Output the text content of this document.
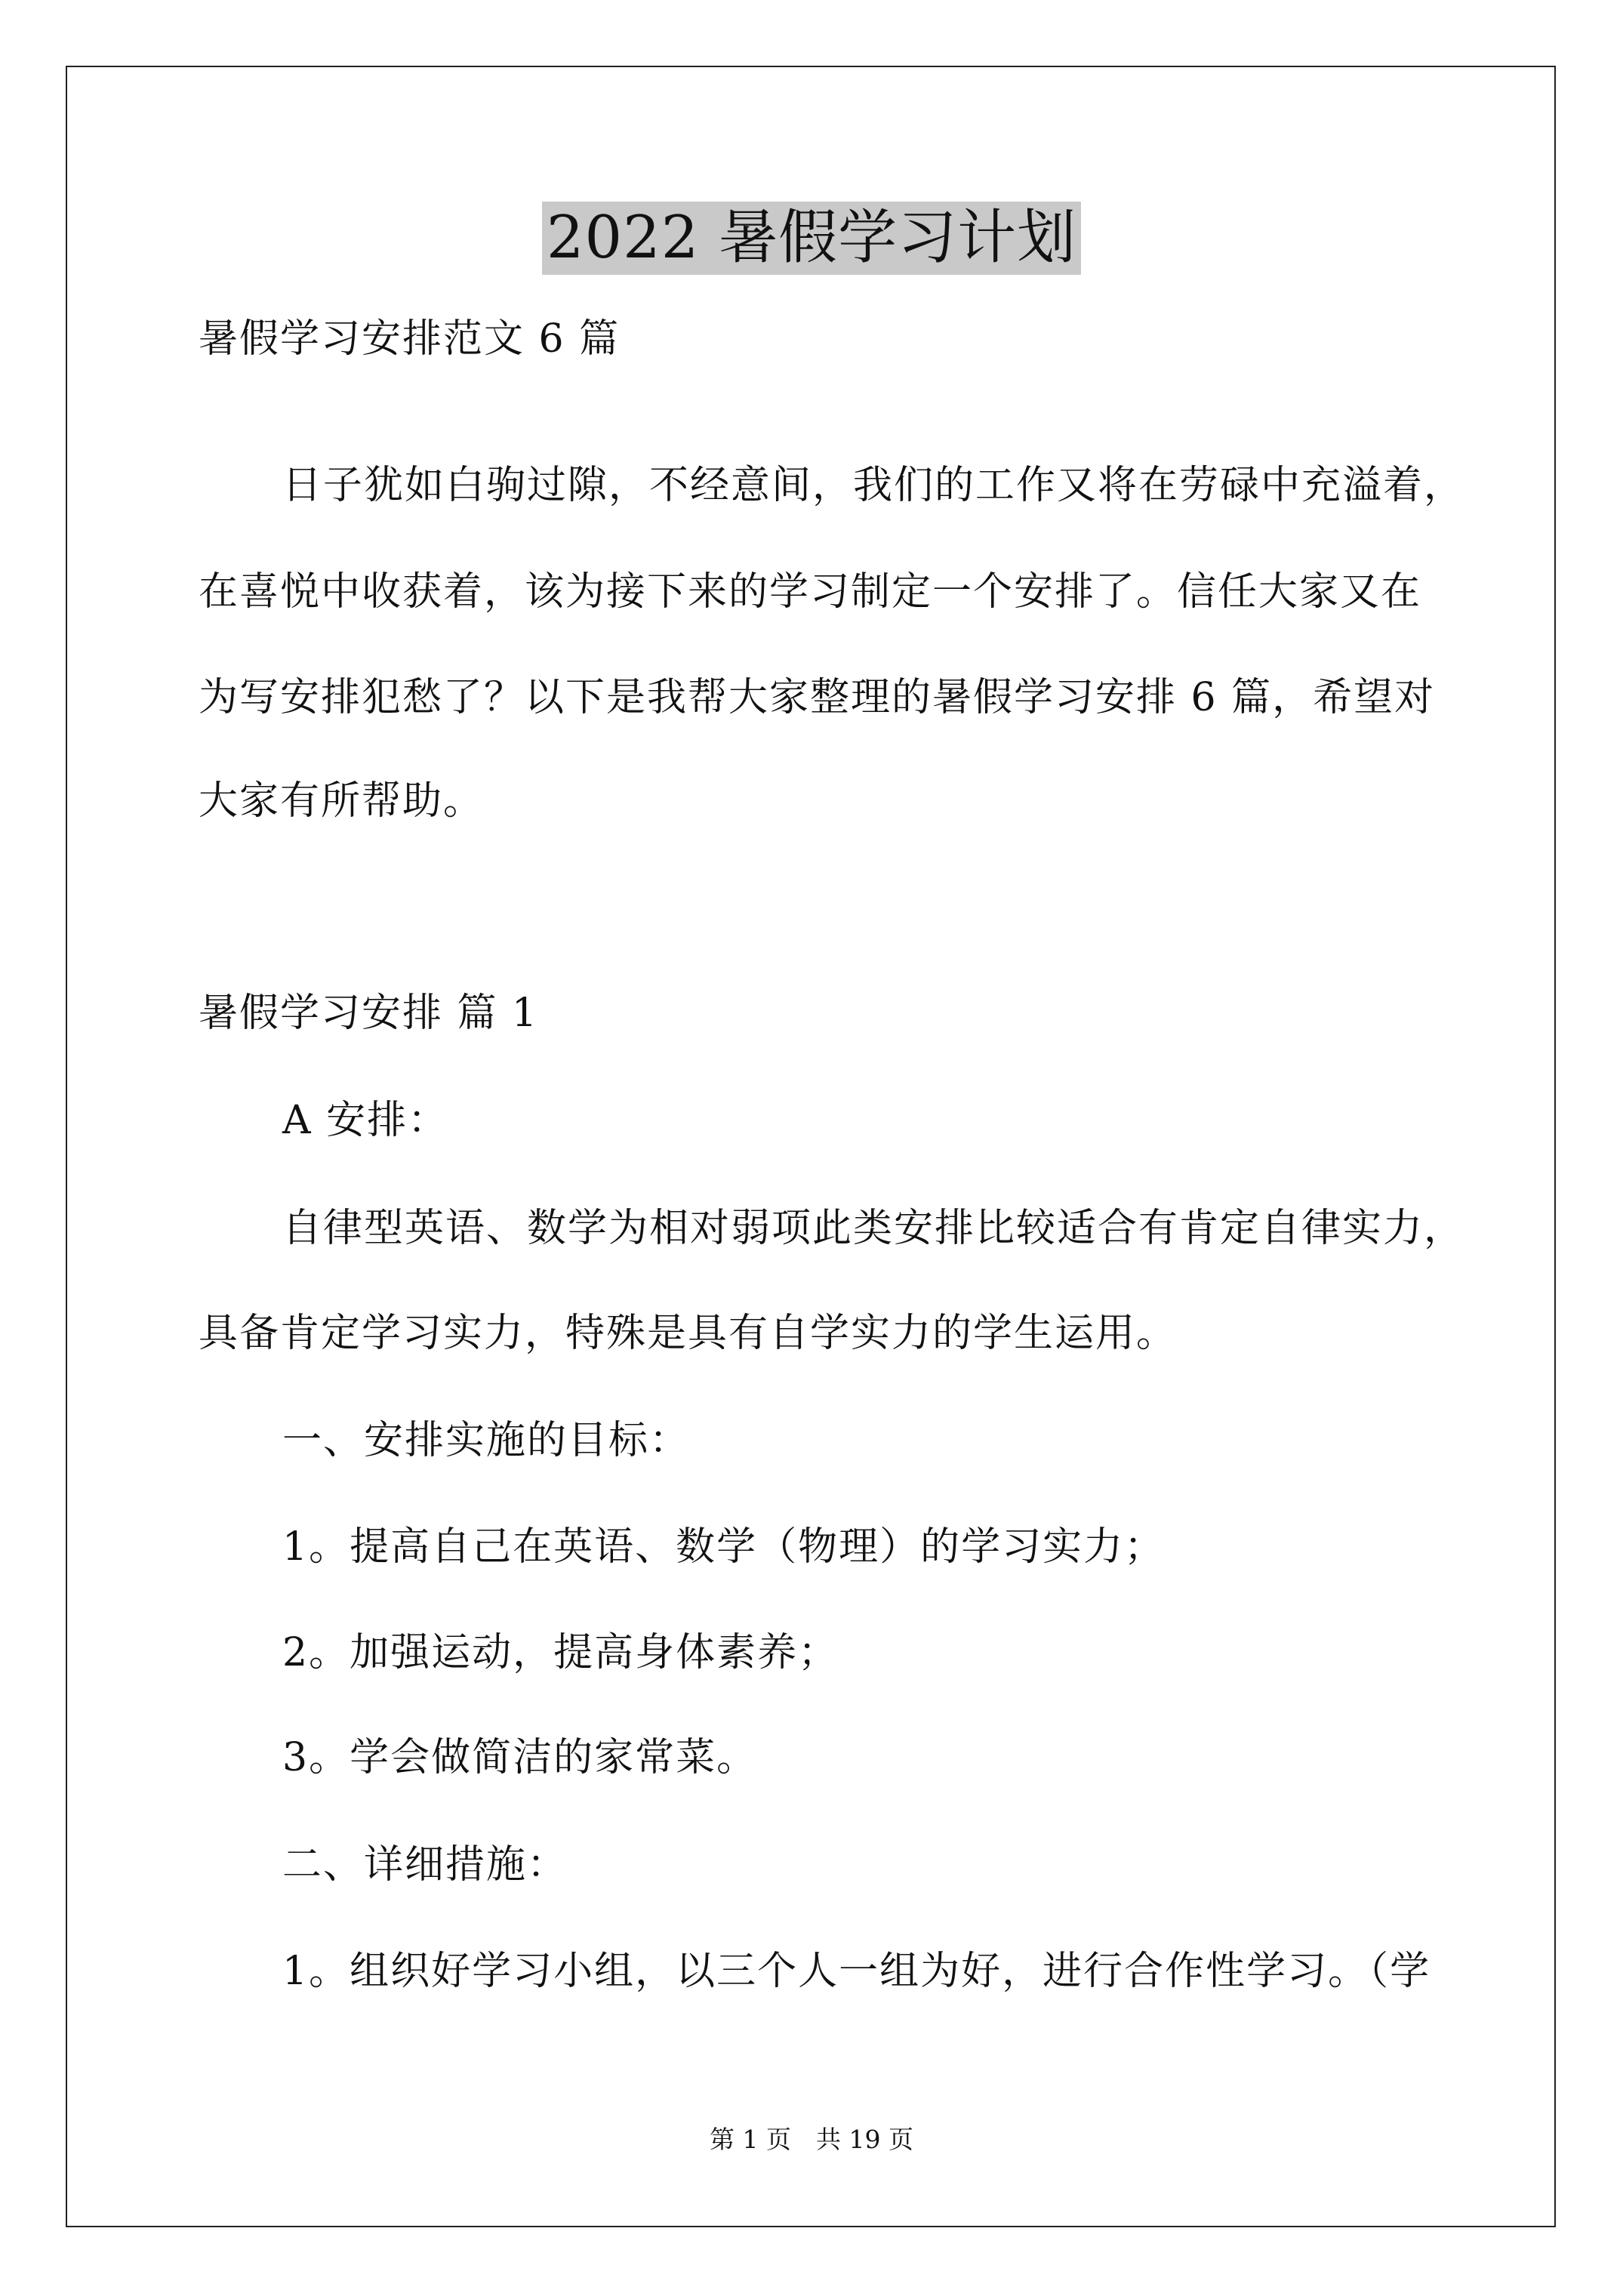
2022 暑假学习计划
暑假学习安排范文 6 篇
日子犹如白驹过隙，不经意间，我们的工作又将在劳碌中充溢着，
在喜悦中收获着，该为接下来的学习制定一个安排了。信任大家又在
为写安排犯愁了？以下是我帮大家整理的暑假学习安排 6 篇，希望对
大家有所帮助。
暑假学习安排 篇 1
A 安排：
自律型英语、数学为相对弱项此类安排比较适合有肯定自律实力，
具备肯定学习实力，特殊是具有自学实力的学生运用。
一、安排实施的目标：
1。提高自己在英语、数学（物理）的学习实力；
2。加强运动，提高身体素养；
3。学会做简洁的家常菜。
二、详细措施：
1。组织好学习小组，以三个人一组为好，进行合作性学习。（学
第 1 页　共 19 页
